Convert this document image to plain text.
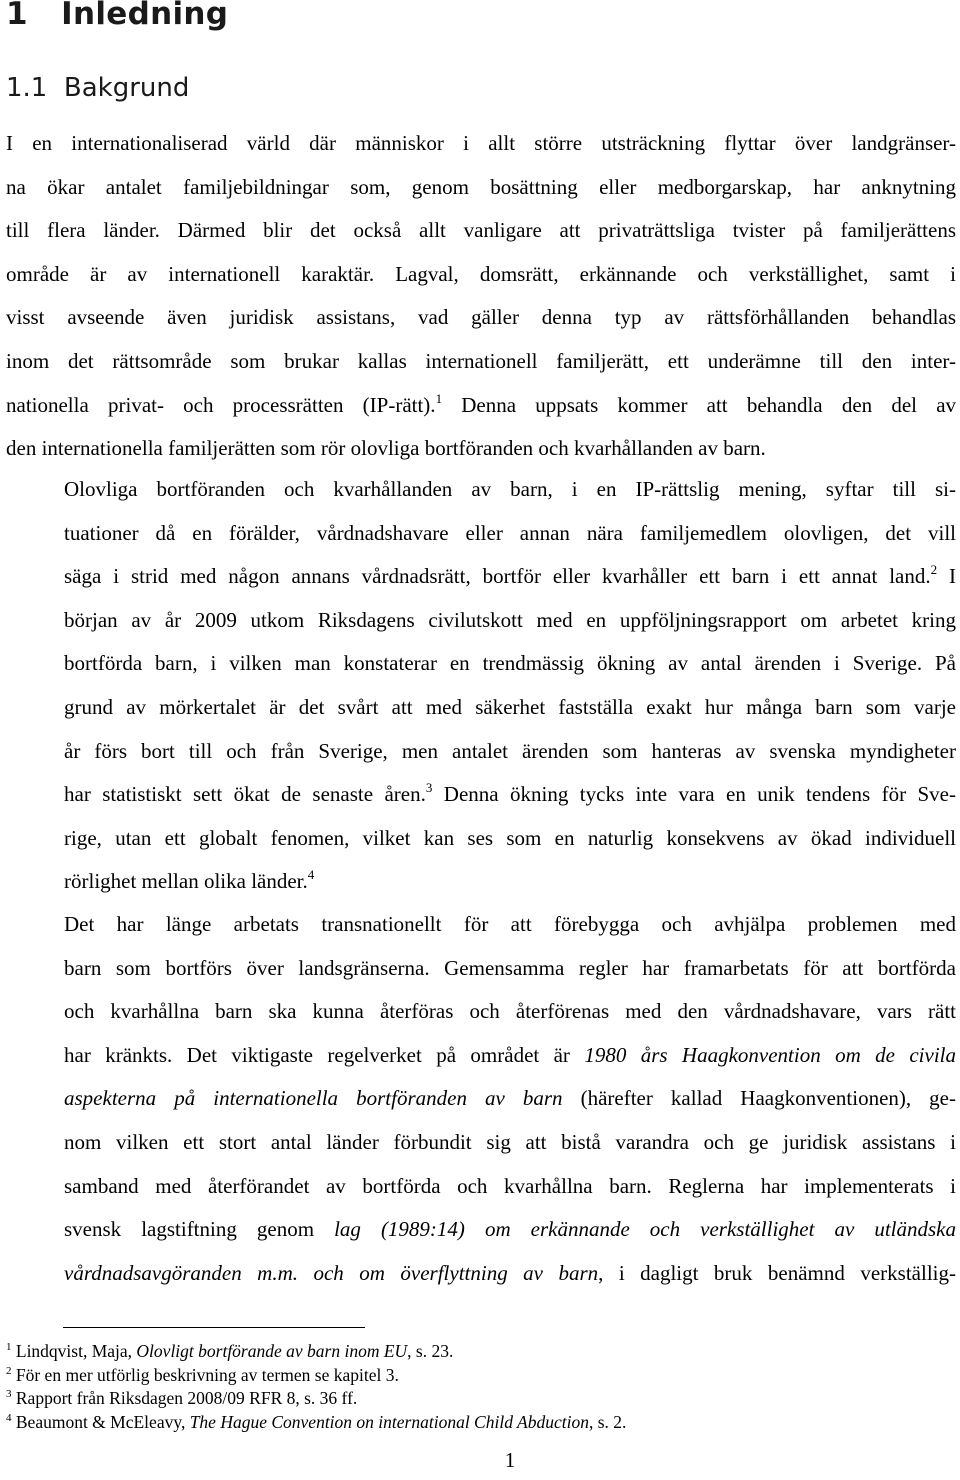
1 Inledning
1.1 Bakgrund

I en internationaliserad värld där människor i allt större utsträckning flyttar över landgränser-
na ökar antalet familjebildningar som, genom bosättning eller medborgarskap, har anknytning
till flera länder. Därmed blir det också allt vanligare att privaträttsliga tvister på familjerättens
område är av internationell karaktär. Lagval, domsrätt, erkännande och verkställighet, samt i
visst avseende även juridisk assistans, vad gäller denna typ av rättsförhållanden behandlas
inom det rättsområde som brukar kallas internationell familjerätt, ett underämne till den inter-
nationella privat- och processrätten (IP-rätt).$^1$ Denna uppsats kommer att behandla den del av
den internationella familjerätten som rör olovliga bortföranden och kvarhållanden av barn.

Olovliga bortföranden och kvarhållanden av barn, i en IP-rättslig mening, syftar till si-
tuationer då en förälder, vårdnadshavare eller annan nära familjemedlem olovligen, det vill
säga i strid med någon annans vårdnadsrätt, bortför eller kvarhåller ett barn i ett annat land.$^2$ I
början av år 2009 utkom Riksdagens civilutskott med en uppföljningsrapport om arbetet kring
bortförda barn, i vilken man konstaterar en trendmässig ökning av antal ärenden i Sverige. På
grund av mörkertalet är det svårt att med säkerhet fastställa exakt hur många barn som varje
år förs bort till och från Sverige, men antalet ärenden som hanteras av svenska myndigheter
har statistiskt sett ökat de senaste åren.$^3$ Denna ökning tycks inte vara en unik tendens för Sve-
rige, utan ett globalt fenomen, vilket kan ses som en naturlig konsekvens av ökad individuell
rörlighet mellan olika länder.$^4$

Det har länge arbetats transnationellt för att förebygga och avhjälpa problemen med
barn som bortförs över landsgränserna. Gemensamma regler har framarbetats för att bortförda
och kvarhållna barn ska kunna återföras och återförenas med den vårdnadshavare, vars rätt
har kränkts. Det viktigaste regelverket på området är 1980 års Haagkonvention om de civila
aspekterna på internationella bortföranden av barn (härefter kallad Haagkonventionen), ge-
nom vilken ett stort antal länder förbundit sig att bistå varandra och ge juridisk assistans i
samband med återförandet av bortförda och kvarhållna barn. Reglerna har implementerats i
svensk lagstiftning genom lag (1989:14) om erkännande och verkställighet av utländska
vårdnadsavgöranden m.m. och om överflyttning av barn, i dagligt bruk benämnd verkställig-

$^1$ Lindqvist, Maja, Olovligt bortförande av barn inom EU, s. 23.
$^2$ För en mer utförlig beskrivning av termen se kapitel 3.
$^3$ Rapport från Riksdagen 2008/09 RFR 8, s. 36 ff.
$^4$ Beaumont & McEleavy, The Hague Convention on international Child Abduction, s. 2.
1
